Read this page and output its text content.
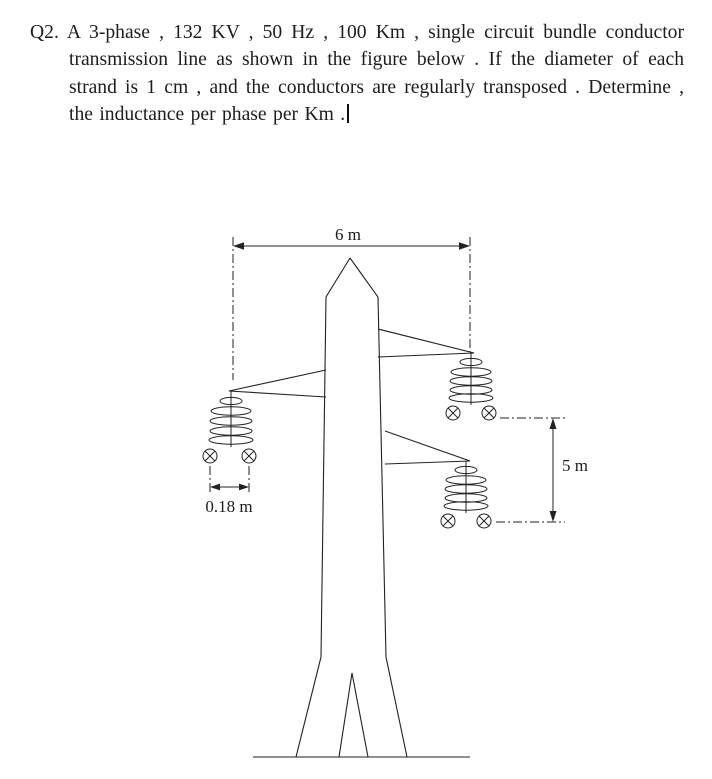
Q2. A 3-phase , 132 KV , 50 Hz , 100 Km , single circuit bundle conductor transmission line as shown in the figure below . If the diameter of each strand is 1 cm , and the conductors are regularly transposed . Determine , the inductance per phase per Km .
6 m
0.18 m
5 m
